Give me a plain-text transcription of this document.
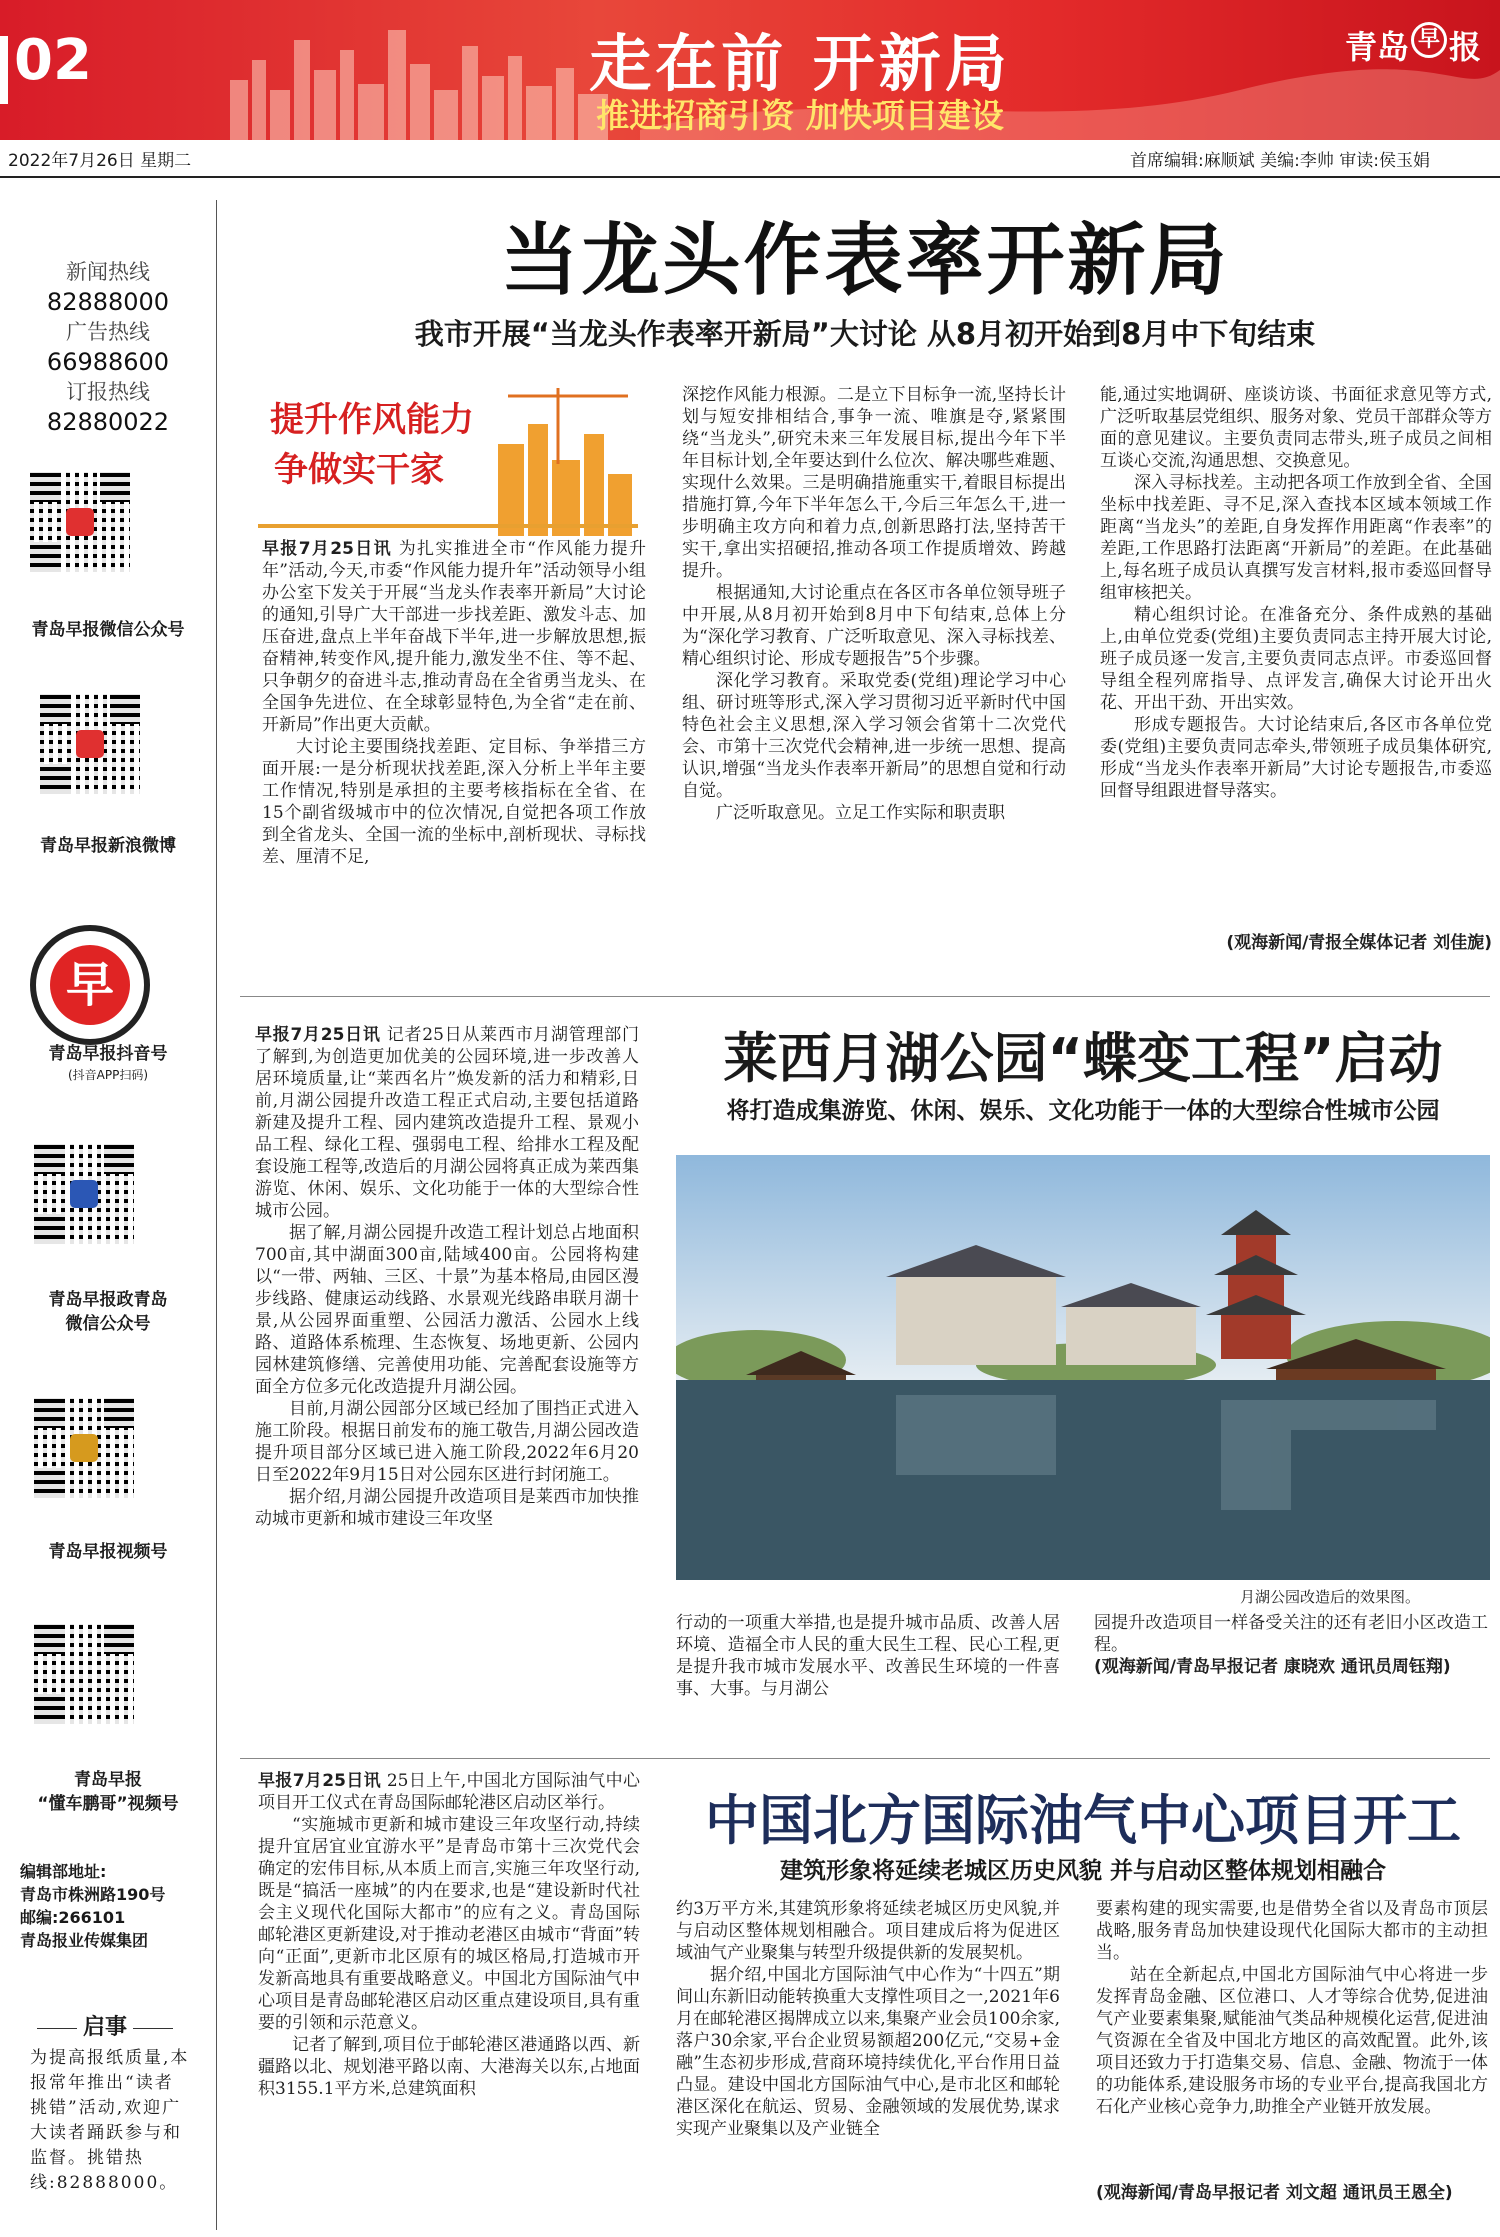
02	走在前 开新局
推进招商引资 加快项目建设
青岛 早 报
2022年7月26日 星期二	首席编辑:麻顺斌 美编:李帅 审读:侯玉娟
新闻热线
82888000
广告热线
66988600
订报热线
82880022
青岛早报微信公众号
青岛早报新浪微博
早
青岛早报抖音号
(抖音APP扫码)
青岛早报政青岛
微信公众号
青岛早报视频号
青岛早报
“懂车鹏哥”视频号
编辑部地址:
青岛市株洲路190号
邮编:266101
青岛报业传媒集团
启事
为提高报纸质量,本报常年推出“读者挑错”活动,欢迎广大读者踊跃参与和监督。挑错热线:82888000。
当龙头作表率开新局
我市开展“当龙头作表率开新局”大讨论 从8月初开始到8月中下旬结束
提升作风能力
争做实干家

早报7月25日讯 为扎实推进全市“作风能力提升年”活动,今天,市委“作风能力提升年”活动领导小组办公室下发关于开展“当龙头作表率开新局”大讨论的通知,引导广大干部进一步找差距、激发斗志、加压奋进,盘点上半年奋战下半年,进一步解放思想,振奋精神,转变作风,提升能力,激发坐不住、等不起、只争朝夕的奋进斗志,推动青岛在全省勇当龙头、在全国争先进位、在全球彰显特色,为全省“走在前、开新局”作出更大贡献。

大讨论主要围绕找差距、定目标、争举措三方面开展:一是分析现状找差距,深入分析上半年主要工作情况,特别是承担的主要考核指标在全省、在15个副省级城市中的位次情况,自觉把各项工作放到全省龙头、全国一流的坐标中,剖析现状、寻标找差、厘清不足,

深挖作风能力根源。二是立下目标争一流,坚持长计划与短安排相结合,事争一流、唯旗是夺,紧紧围绕“当龙头”,研究未来三年发展目标,提出今年下半年目标计划,全年要达到什么位次、解决哪些难题、实现什么效果。三是明确措施重实干,着眼目标提出措施打算,今年下半年怎么干,今后三年怎么干,进一步明确主攻方向和着力点,创新思路打法,坚持苦干实干,拿出实招硬招,推动各项工作提质增效、跨越提升。

根据通知,大讨论重点在各区市各单位领导班子中开展,从8月初开始到8月中下旬结束,总体上分为“深化学习教育、广泛听取意见、深入寻标找差、精心组织讨论、形成专题报告”5个步骤。

深化学习教育。采取党委(党组)理论学习中心组、研讨班等形式,深入学习贯彻习近平新时代中国特色社会主义思想,深入学习领会省第十二次党代会、市第十三次党代会精神,进一步统一思想、提高认识,增强“当龙头作表率开新局”的思想自觉和行动自觉。

广泛听取意见。立足工作实际和职责职

能,通过实地调研、座谈访谈、书面征求意见等方式,广泛听取基层党组织、服务对象、党员干部群众等方面的意见建议。主要负责同志带头,班子成员之间相互谈心交流,沟通思想、交换意见。

深入寻标找差。主动把各项工作放到全省、全国坐标中找差距、寻不足,深入查找本区域本领域工作距离“当龙头”的差距,自身发挥作用距离“作表率”的差距,工作思路打法距离“开新局”的差距。在此基础上,每名班子成员认真撰写发言材料,报市委巡回督导组审核把关。

精心组织讨论。在准备充分、条件成熟的基础上,由单位党委(党组)主要负责同志主持开展大讨论,班子成员逐一发言,主要负责同志点评。市委巡回督导组全程列席指导、点评发言,确保大讨论开出火花、开出干劲、开出实效。

形成专题报告。大讨论结束后,各区市各单位党委(党组)主要负责同志牵头,带领班子成员集体研究,形成“当龙头作表率开新局”大讨论专题报告,市委巡回督导组跟进督导落实。

(观海新闻/青报全媒体记者 刘佳旎)

莱西月湖公园“蝶变工程”启动
将打造成集游览、休闲、娱乐、文化功能于一体的大型综合性城市公园

早报7月25日讯 记者25日从莱西市月湖管理部门了解到,为创造更加优美的公园环境,进一步改善人居环境质量,让“莱西名片”焕发新的活力和精彩,日前,月湖公园提升改造工程正式启动,主要包括道路新建及提升工程、园内建筑改造提升工程、景观小品工程、绿化工程、强弱电工程、给排水工程及配套设施工程等,改造后的月湖公园将真正成为莱西集游览、休闲、娱乐、文化功能于一体的大型综合性城市公园。

据了解,月湖公园提升改造工程计划总占地面积700亩,其中湖面300亩,陆域400亩。公园将构建以“一带、两轴、三区、十景”为基本格局,由园区漫步线路、健康运动线路、水景观光线路串联月湖十景,从公园界面重塑、公园活力激活、公园水上线路、道路体系梳理、生态恢复、场地更新、公园内园林建筑修缮、完善使用功能、完善配套设施等方面全方位多元化改造提升月湖公园。

目前,月湖公园部分区域已经加了围挡正式进入施工阶段。根据日前发布的施工敬告,月湖公园改造提升项目部分区域已进入施工阶段,2022年6月20日至2022年9月15日对公园东区进行封闭施工。

据介绍,月湖公园提升改造项目是莱西市加快推动城市更新和城市建设三年攻坚

月湖公园改造后的效果图。

行动的一项重大举措,也是提升城市品质、改善人居环境、造福全市人民的重大民生工程、民心工程,更是提升我市城市发展水平、改善民生环境的一件喜事、大事。与月湖公

园提升改造项目一样备受关注的还有老旧小区改造工程。

(观海新闻/青岛早报记者 康晓欢 通讯员周钰翔)

中国北方国际油气中心项目开工
建筑形象将延续老城区历史风貌 并与启动区整体规划相融合

早报7月25日讯 25日上午,中国北方国际油气中心项目开工仪式在青岛国际邮轮港区启动区举行。

“实施城市更新和城市建设三年攻坚行动,持续提升宜居宜业宜游水平”是青岛市第十三次党代会确定的宏伟目标,从本质上而言,实施三年攻坚行动,既是“搞活一座城”的内在要求,也是“建设新时代社会主义现代化国际大都市”的应有之义。青岛国际邮轮港区更新建设,对于推动老港区由城市“背面”转向“正面”,更新市北区原有的城区格局,打造城市开发新高地具有重要战略意义。中国北方国际油气中心项目是青岛邮轮港区启动区重点建设项目,具有重要的引领和示范意义。

记者了解到,项目位于邮轮港区港通路以西、新疆路以北、规划港平路以南、大港海关以东,占地面积3155.1平方米,总建筑面积

约3万平方米,其建筑形象将延续老城区历史风貌,并与启动区整体规划相融合。项目建成后将为促进区域油气产业聚集与转型升级提供新的发展契机。

据介绍,中国北方国际油气中心作为“十四五”期间山东新旧动能转换重大支撑性项目之一,2021年6月在邮轮港区揭牌成立以来,集聚产业会员100余家,落户30余家,平台企业贸易额超200亿元,“交易+金融”生态初步形成,营商环境持续优化,平台作用日益凸显。建设中国北方国际油气中心,是市北区和邮轮港区深化在航运、贸易、金融领域的发展优势,谋求实现产业聚集以及产业链全

要素构建的现实需要,也是借势全省以及青岛市顶层战略,服务青岛加快建设现代化国际大都市的主动担当。

站在全新起点,中国北方国际油气中心将进一步发挥青岛金融、区位港口、人才等综合优势,促进油气产业要素集聚,赋能油气类品种规模化运营,促进油气资源在全省及中国北方地区的高效配置。此外,该项目还致力于打造集交易、信息、金融、物流于一体的功能体系,建设服务市场的专业平台,提高我国北方石化产业核心竞争力,助推全产业链开放发展。

(观海新闻/青岛早报记者 刘文超 通讯员王恩全)
